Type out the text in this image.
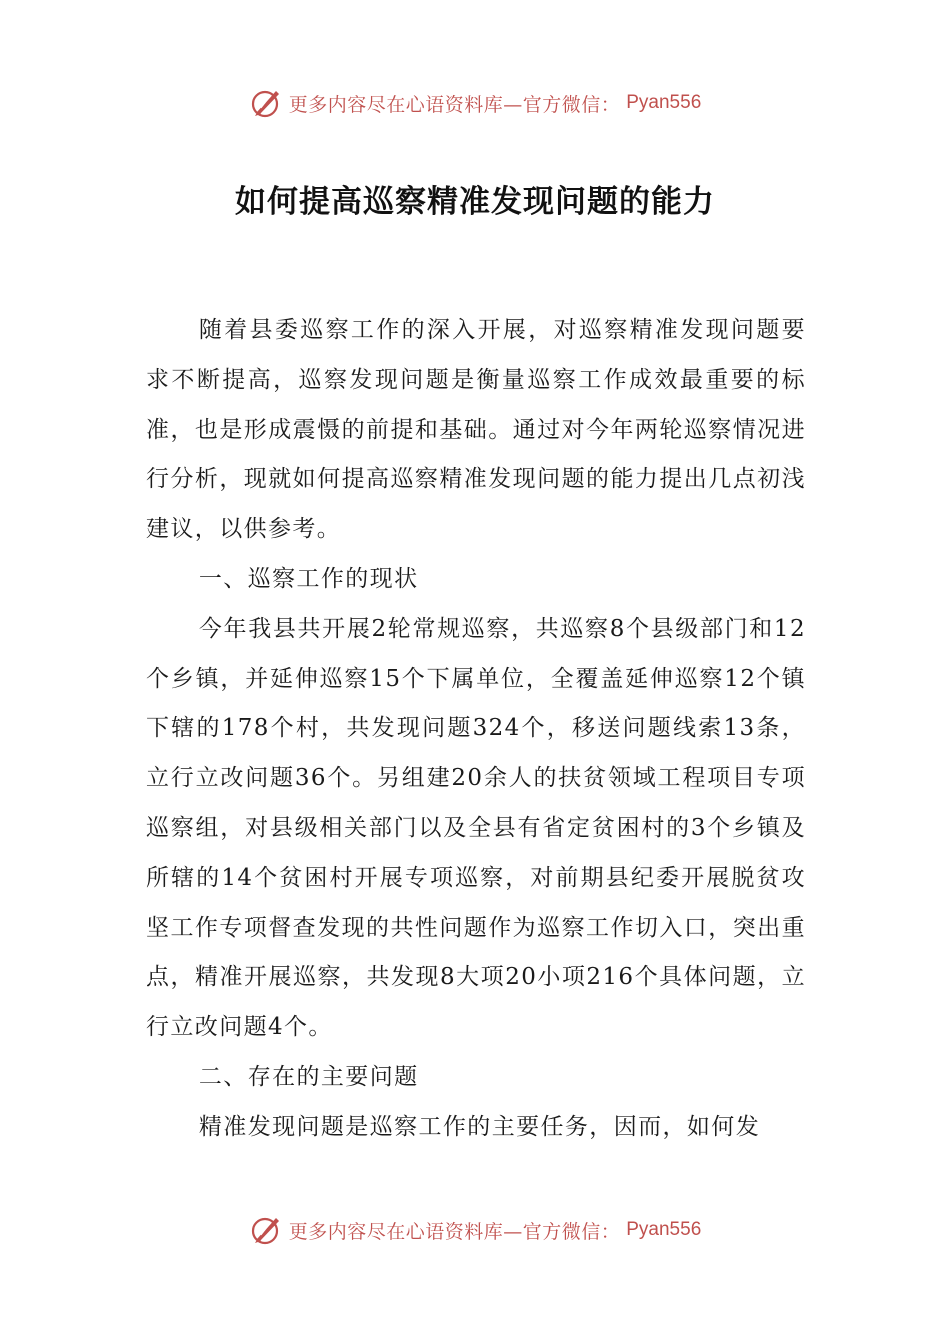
更多内容尽在心语资料库—官方微信： Pyan556
如何提高巡察精准发现问题的能力

随着县委巡察工作的深入开展，对巡察精准发现问题要求不断提高，巡察发现问题是衡量巡察工作成效最重要的标准，也是形成震慑的前提和基础。通过对今年两轮巡察情况进行分析，现就如何提高巡察精准发现问题的能力提出几点初浅建议，以供参考。

一、巡察工作的现状

今年我县共开展2轮常规巡察，共巡察8个县级部门和12个乡镇，并延伸巡察15个下属单位，全覆盖延伸巡察12个镇下辖的178个村，共发现问题324个，移送问题线索13条，立行立改问题36个。另组建20余人的扶贫领域工程项目专项巡察组，对县级相关部门以及全县有省定贫困村的3个乡镇及所辖的14个贫困村开展专项巡察，对前期县纪委开展脱贫攻坚工作专项督查发现的共性问题作为巡察工作切入口，突出重点，精准开展巡察，共发现8大项20小项216个具体问题，立行立改问题4个。

二、存在的主要问题

精准发现问题是巡察工作的主要任务，因而，如何发

更多内容尽在心语资料库—官方微信： Pyan556
